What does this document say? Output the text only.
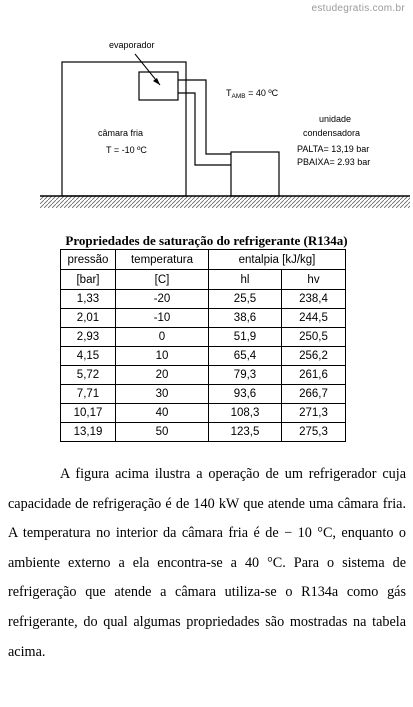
estudegratis.com.br
evaporador
câmara fria
T = -10 ºC
$T_{AMB} = 40$ ºC
unidade
condensadora
PALTA= 13,19 bar
PBAIXA= 2.93 bar
Propriedades de saturação do refrigerante (R134a)
pressão	temperatura	entalpia [kJ/kg]	
[bar]	[C]	hl	hv
1,33	-20	25,5	238,4
2,01	-10	38,6	244,5
2,93	0	51,9	250,5
4,15	10	65,4	256,2
5,72	20	79,3	261,6
7,71	30	93,6	266,7
10,17	40	108,3	271,3
13,19	50	123,5	275,3
A figura acima ilustra a operação de um refrigerador cuja capacidade de refrigeração é de 140 kW que atende uma câmara fria. A temperatura no interior da câmara fria é de − 10 °C, enquanto o ambiente externo a ela encontra-se a 40 °C. Para o sistema de refrigeração que atende a câmara utiliza-se o R134a como gás refrigerante, do qual algumas propriedades são mostradas na tabela acima.
